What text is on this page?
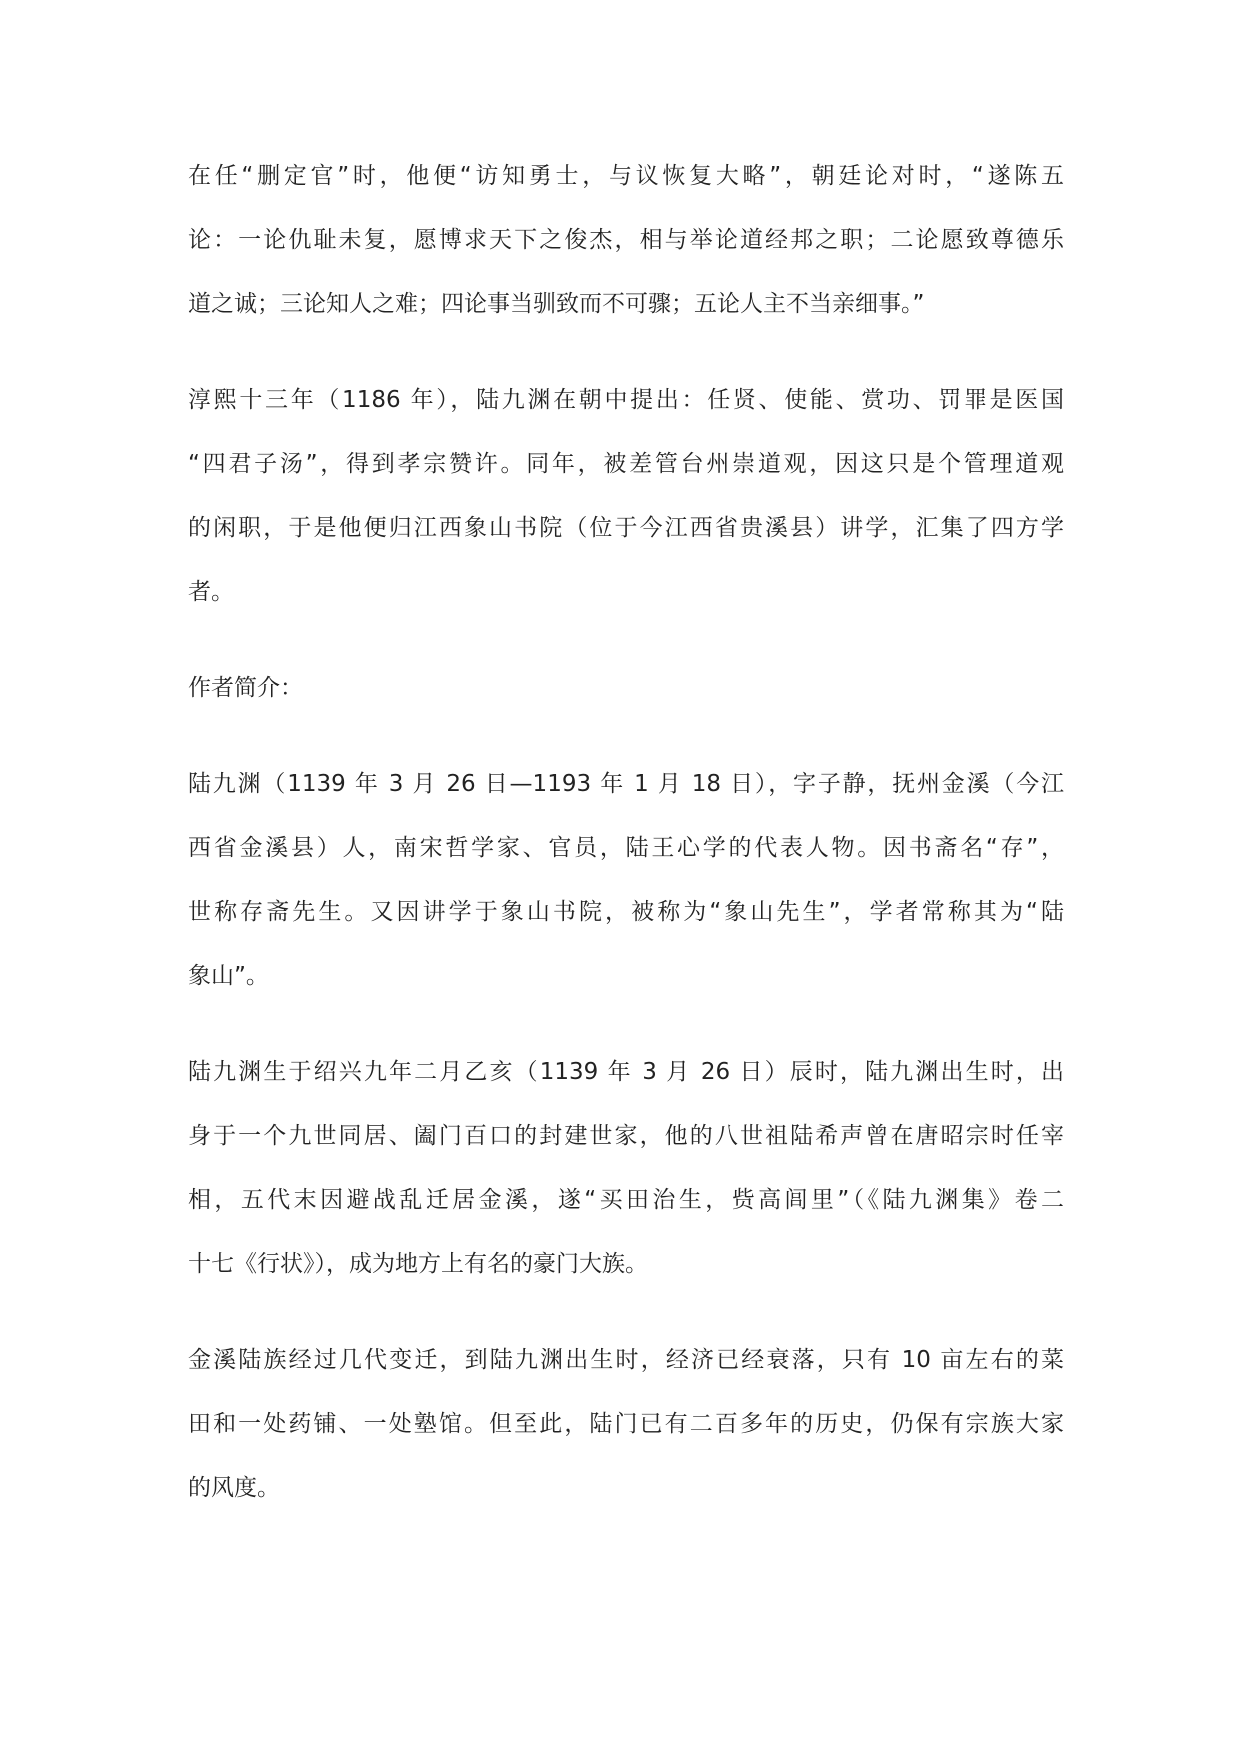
在任“删定官”时，他便“访知勇士，与议恢复大略”，朝廷论对时，“遂陈五
论：一论仇耻未复，愿博求天下之俊杰，相与举论道经邦之职；二论愿致尊德乐
道之诚；三论知人之难；四论事当驯致而不可骤；五论人主不当亲细事。”
淳熙十三年（1186 年），陆九渊在朝中提出：任贤、使能、赏功、罚罪是医国
“四君子汤”，得到孝宗赞许。同年，被差管台州崇道观，因这只是个管理道观
的闲职，于是他便归江西象山书院（位于今江西省贵溪县）讲学，汇集了四方学
者。
作者简介：
陆九渊（1139 年 3 月 26 日—1193 年 1 月 18 日），字子静，抚州金溪（今江
西省金溪县）人，南宋哲学家、官员，陆王心学的代表人物。因书斋名“存”，
世称存斋先生。又因讲学于象山书院，被称为“象山先生”，学者常称其为“陆
象山”。
陆九渊生于绍兴九年二月乙亥（1139 年 3 月 26 日）辰时，陆九渊出生时，出
身于一个九世同居、阖门百口的封建世家，他的八世祖陆希声曾在唐昭宗时任宰
相，五代末因避战乱迁居金溪，遂“买田治生，赀高闾里”（《陆九渊集》卷二
十七《行状》），成为地方上有名的豪门大族。
金溪陆族经过几代变迁，到陆九渊出生时，经济已经衰落，只有 10 亩左右的菜
田和一处药铺、一处塾馆。但至此，陆门已有二百多年的历史，仍保有宗族大家
的风度。
